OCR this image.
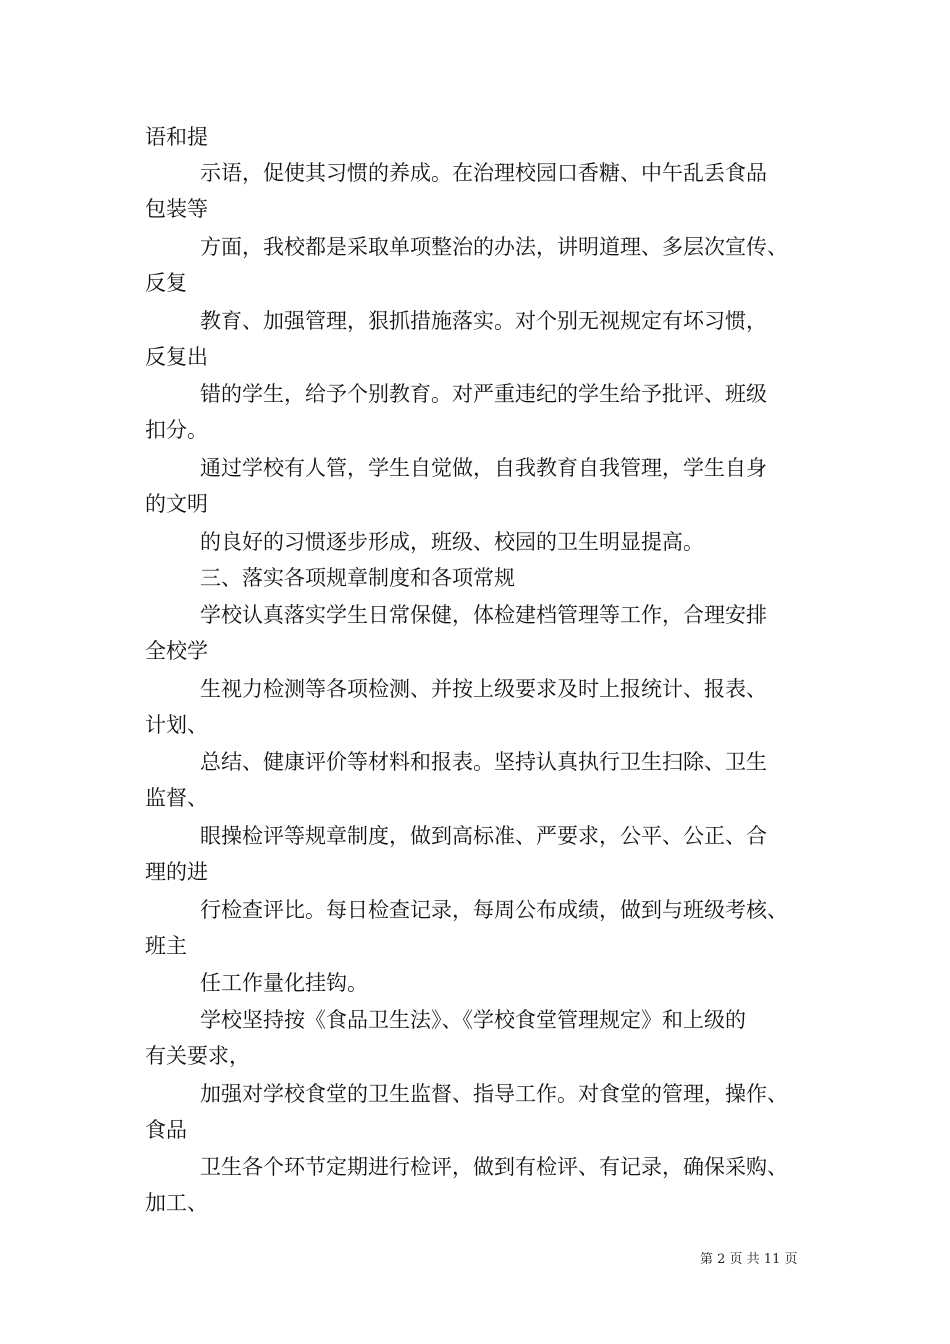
语和提
示语，促使其习惯的养成。在治理校园口香糖、中午乱丢食品
包装等
方面，我校都是采取单项整治的办法，讲明道理、多层次宣传、
反复
教育、加强管理，狠抓措施落实。对个别无视规定有坏习惯，
反复出
错的学生，给予个别教育。对严重违纪的学生给予批评、班级
扣分。
通过学校有人管，学生自觉做，自我教育自我管理，学生自身
的文明
的良好的习惯逐步形成，班级、校园的卫生明显提高。
三、落实各项规章制度和各项常规
学校认真落实学生日常保健，体检建档管理等工作，合理安排
全校学
生视力检测等各项检测、并按上级要求及时上报统计、报表、
计划、
总结、健康评价等材料和报表。坚持认真执行卫生扫除、卫生
监督、
眼操检评等规章制度，做到高标准、严要求，公平、公正、合
理的进
行检查评比。每日检查记录，每周公布成绩，做到与班级考核、
班主
任工作量化挂钩。
学校坚持按《食品卫生法》、《学校食堂管理规定》和上级的
有关要求，
加强对学校食堂的卫生监督、指导工作。对食堂的管理，操作、
食品
卫生各个环节定期进行检评，做到有检评、有记录，确保采购、
加工、
第 2 页 共 11 页
